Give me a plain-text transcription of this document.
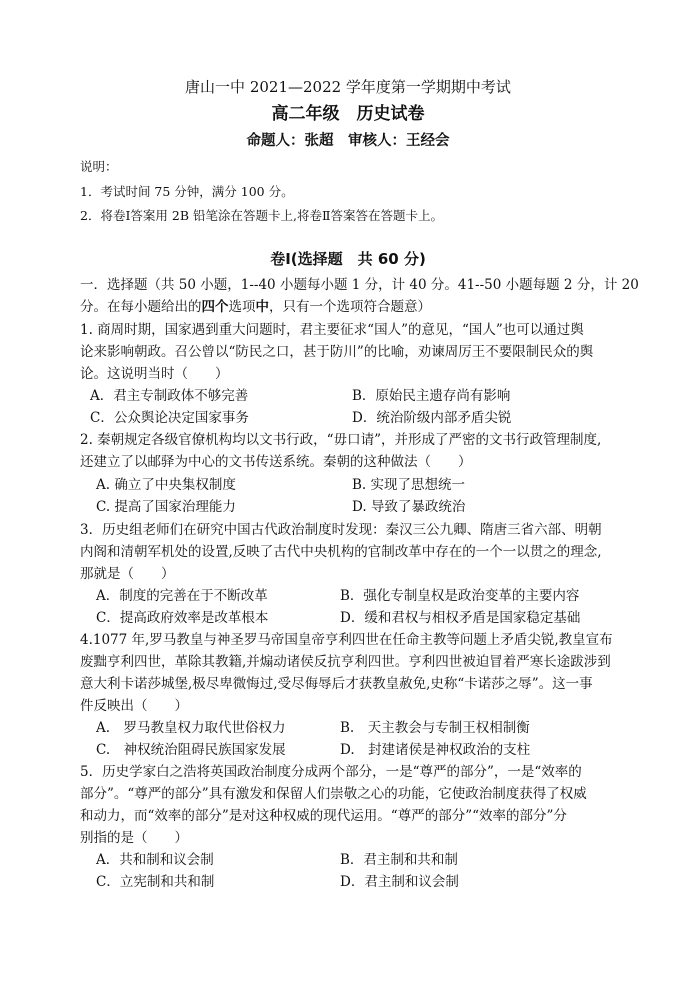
唐山一中 2021—2022 学年度第一学期期中考试
高二年级　历史试卷
命题人：张超　审核人：王经会
说明：
1．考试时间 75 分钟，满分 100 分。
2．将卷Ⅰ答案用 2B 铅笔涂在答题卡上,将卷Ⅱ答案答在答题卡上。
卷Ⅰ(选择题　共 60 分)
一．选择题（共 50 小题，1--40 小题每小题 1 分，计 40 分。41--50 小题每题 2 分，计 20
分。在每小题给出的四个选项中，只有一个选项符合题意）
1. 商周时期，国家遇到重大问题时，君主要征求“国人”的意见，“国人”也可以通过舆
论来影响朝政。召公曾以“防民之口，甚于防川”的比喻，劝谏周厉王不要限制民众的舆
论。这说明当时（　　）
A．君主专制政体不够完善	B．原始民主遗存尚有影响
C．公众舆论决定国家事务	D．统治阶级内部矛盾尖锐
2. 秦朝规定各级官僚机构均以文书行政，“毋口请”，并形成了严密的文书行政管理制度,
还建立了以邮驿为中心的文书传送系统。秦朝的这种做法（　　）
A. 确立了中央集权制度	B. 实现了思想统一
C. 提高了国家治理能力	D. 导致了暴政统治
3．历史组老师们在研究中国古代政治制度时发现：秦汉三公九卿、隋唐三省六部、明朝
内阁和清朝军机处的设置,反映了古代中央机构的官制改革中存在的一个一以贯之的理念,
那就是（　　）
A．制度的完善在于不断改革	B．强化专制皇权是政治变革的主要内容
C．提高政府效率是改革根本	D．缓和君权与相权矛盾是国家稳定基础
4.1077 年,罗马教皇与神圣罗马帝国皇帝亨利四世在任命主教等问题上矛盾尖锐,教皇宣布
废黜亨利四世，革除其教籍,并煽动诸侯反抗亨利四世。亨利四世被迫冒着严寒长途跋涉到
意大利卡诺莎城堡,极尽卑微悔过,受尽侮辱后才获教皇赦免,史称“卡诺莎之辱”。这一事
件反映出（　　）
A.　罗马教皇权力取代世俗权力	B.　天主教会与专制王权相制衡
C.　神权统治阻碍民族国家发展	D.　封建诸侯是神权政治的支柱
5．历史学家白之浩将英国政治制度分成两个部分，一是“尊严的部分”，一是“效率的
部分”。“尊严的部分”具有激发和保留人们崇敬之心的功能，它使政治制度获得了权威
和动力，而“效率的部分”是对这种权威的现代运用。“尊严的部分”“效率的部分”分
别指的是（　　）
A．共和制和议会制	B．君主制和共和制
C．立宪制和共和制	D．君主制和议会制
